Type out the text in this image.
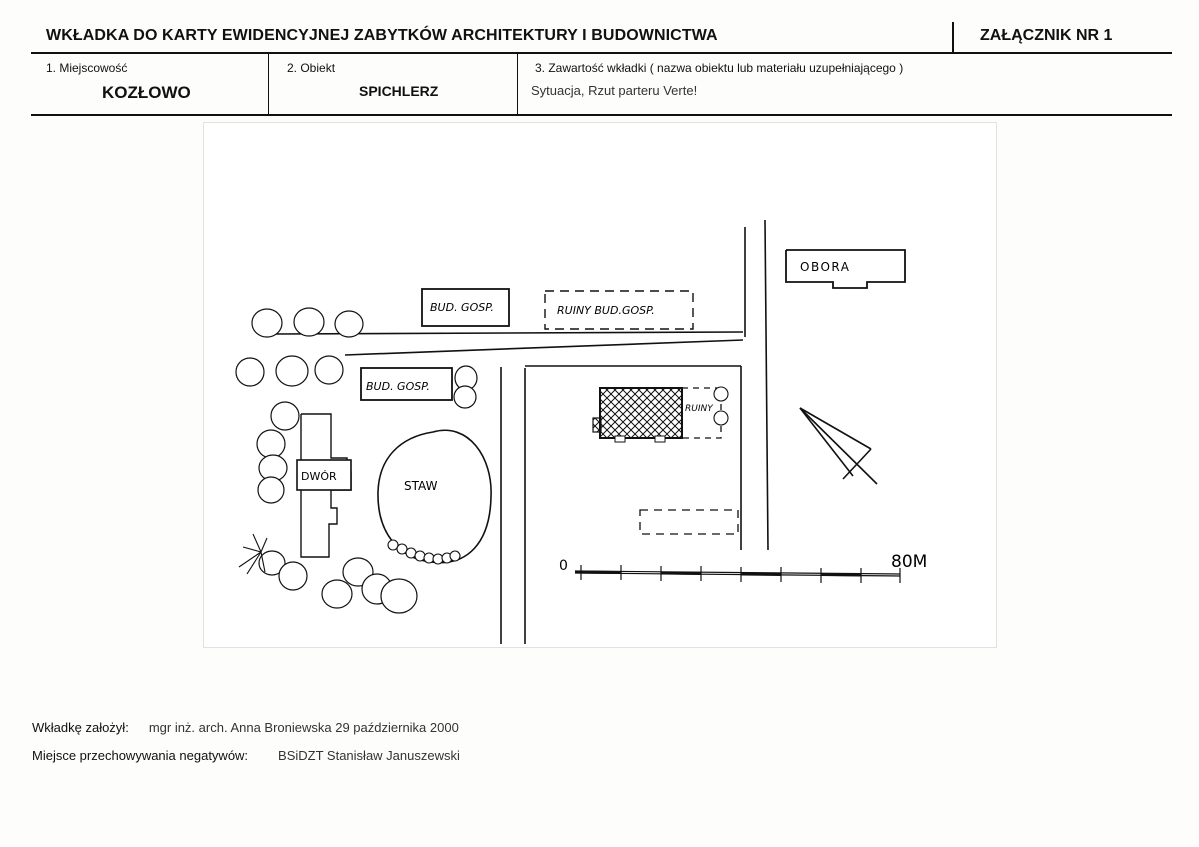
WKŁADKA DO KARTY EWIDENCYJNEJ ZABYTKÓW ARCHITEKTURY I BUDOWNICTWA	ZAŁĄCZNIK NR 1
1. Miejscowość
KOZŁOWO
2. Obiekt
SPICHLERZ
3. Zawartość wkładki ( nazwa obiektu lub materiału uzupełniającego )
Sytuacja, Rzut parteru Verte!
OBORA
BUD. GOSP.	RUINY BUD.GOSP.
BUD. GOSP.
DWÓR
STAW
RUINY
0	80M
Wkładkę założył: mgr inż. arch. Anna Broniewska 29 października 2000
Miejsce przechowywania negatywów: BSiDZT Stanisław Januszewski
